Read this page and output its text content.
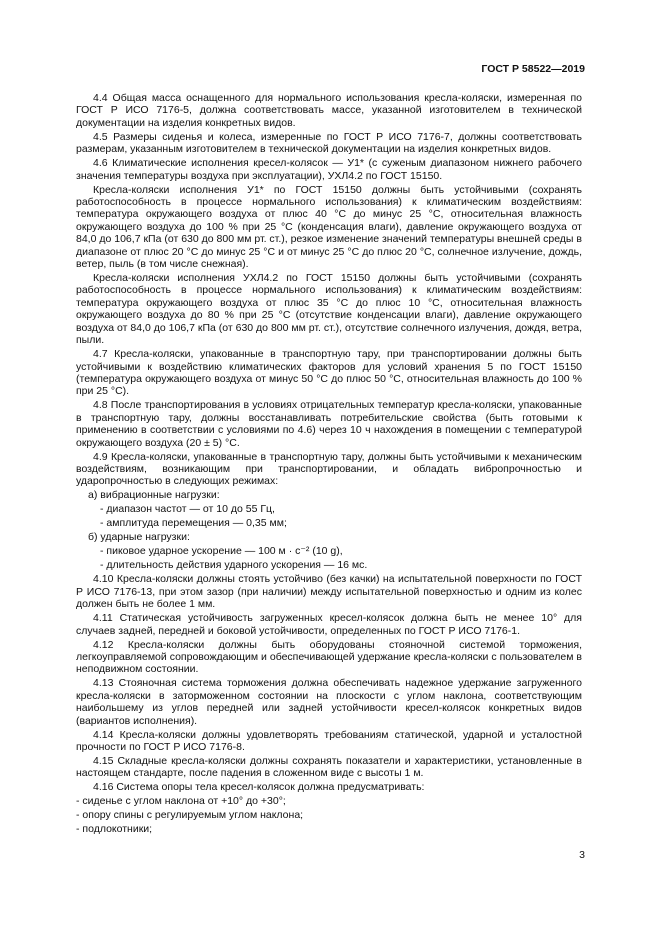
ГОСТ Р 58522—2019

4.4 Общая масса оснащенного для нормального использования кресла-коляски, измеренная по ГОСТ Р ИСО 7176-5, должна соответствовать массе, указанной изготовителем в технической документации на изделия конкретных видов.

4.5 Размеры сиденья и колеса, измеренные по ГОСТ Р ИСО 7176-7, должны соответствовать размерам, указанным изготовителем в технической документации на изделия конкретных видов.

4.6 Климатические исполнения кресел-колясок — У1* (с суженым диапазоном нижнего рабочего значения температуры воздуха при эксплуатации), УХЛ4.2 по ГОСТ 15150.

Кресла-коляски исполнения У1* по ГОСТ 15150 должны быть устойчивыми (сохранять работоспособность в процессе нормального использования) к климатическим воздействиям: температура окружающего воздуха от плюс 40 °С до минус 25 °С, относительная влажность окружающего воздуха до 100 % при 25 °С (конденсация влаги), давление окружающего воздуха от 84,0 до 106,7 кПа (от 630 до 800 мм рт. ст.), резкое изменение значений температуры внешней среды в диапазоне от плюс 20 °С до минус 25 °С и от минус 25 °С до плюс 20 °С, солнечное излучение, дождь, ветер, пыль (в том числе снежная).

Кресла-коляски исполнения УХЛ4.2 по ГОСТ 15150 должны быть устойчивыми (сохранять работоспособность в процессе нормального использования) к климатическим воздействиям: температура окружающего воздуха от плюс 35 °С до плюс 10 °С, относительная влажность окружающего воздуха до 80 % при 25 °С (отсутствие конденсации влаги), давление окружающего воздуха от 84,0 до 106,7 кПа (от 630 до 800 мм рт. ст.), отсутствие солнечного излучения, дождя, ветра, пыли.

4.7 Кресла-коляски, упакованные в транспортную тару, при транспортировании должны быть устойчивыми к воздействию климатических факторов для условий хранения 5 по ГОСТ 15150 (температура окружающего воздуха от минус 50 °С до плюс 50 °С, относительная влажность до 100 % при 25 °С).

4.8 После транспортирования в условиях отрицательных температур кресла-коляски, упакованные в транспортную тару, должны восстанавливать потребительские свойства (быть готовыми к применению в соответствии с условиями по 4.6) через 10 ч нахождения в помещении с температурой окружающего воздуха (20 ± 5) °С.

4.9 Кресла-коляски, упакованные в транспортную тару, должны быть устойчивыми к механическим воздействиям, возникающим при транспортировании, и обладать вибропрочностью и ударопрочностью в следующих режимах:

а) вибрационные нагрузки:

- диапазон частот — от 10 до 55 Гц,

- амплитуда перемещения — 0,35 мм;

б) ударные нагрузки:

- пиковое ударное ускорение — 100 м · с⁻² (10 g),

- длительность действия ударного ускорения — 16 мс.

4.10 Кресла-коляски должны стоять устойчиво (без качки) на испытательной поверхности по ГОСТ Р ИСО 7176-13, при этом зазор (при наличии) между испытательной поверхностью и одним из колес должен быть не более 1 мм.

4.11 Статическая устойчивость загруженных кресел-колясок должна быть не менее 10° для случаев задней, передней и боковой устойчивости, определенных по ГОСТ Р ИСО 7176-1.

4.12 Кресла-коляски должны быть оборудованы стояночной системой торможения, легкоуправляемой сопровождающим и обеспечивающей удержание кресла-коляски с пользователем в неподвижном состоянии.

4.13 Стояночная система торможения должна обеспечивать надежное удержание загруженного кресла-коляски в заторможенном состоянии на плоскости с углом наклона, соответствующим наибольшему из углов передней или задней устойчивости кресел-колясок конкретных видов (вариантов исполнения).

4.14 Кресла-коляски должны удовлетворять требованиям статической, ударной и усталостной прочности по ГОСТ Р ИСО 7176-8.

4.15 Складные кресла-коляски должны сохранять показатели и характеристики, установленные в настоящем стандарте, после падения в сложенном виде с высоты 1 м.

4.16 Система опоры тела кресел-колясок должна предусматривать:

- сиденье с углом наклона от +10° до +30°;

- опору спины с регулируемым углом наклона;

- подлокотники;

3
